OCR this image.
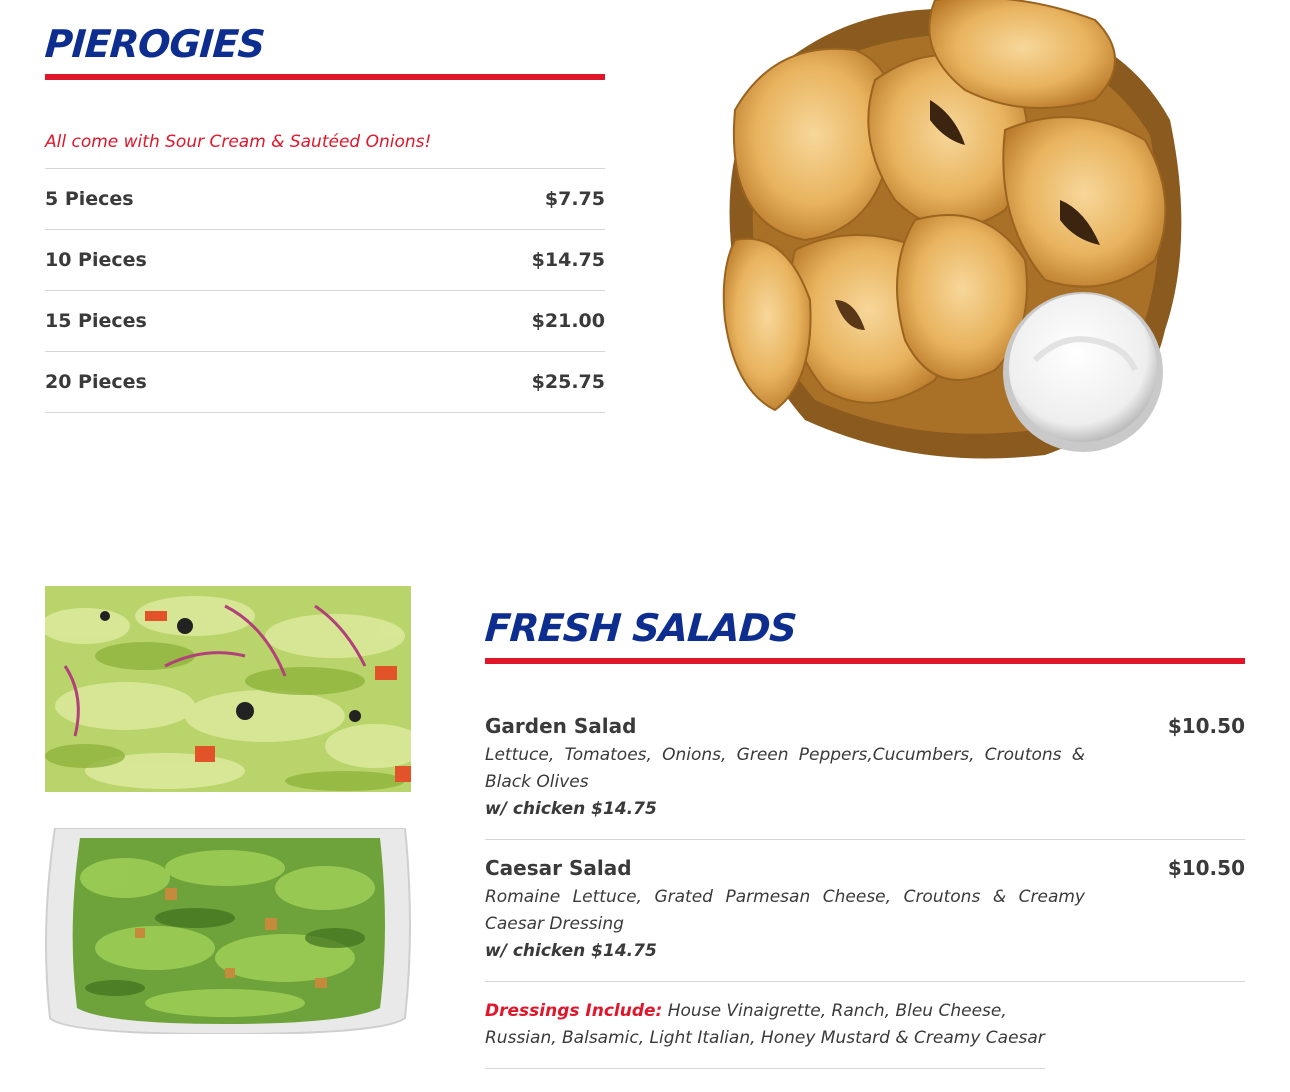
PIEROGIES

All come with Sour Cream & Sautéed Onions!

5 Pieces	$7.75
10 Pieces	$14.75
15 Pieces	$21.00
20 Pieces	$25.75
FRESH SALADS
Garden Salad	$10.50

Lettuce, Tomatoes, Onions, Green Peppers,Cucumbers, Croutons & Black Olives

w/ chicken $14.75

Caesar Salad	$10.50

Romaine Lettuce, Grated Parmesan Cheese, Croutons & Creamy Caesar Dressing

w/ chicken $14.75

Dressings Include: House Vinaigrette, Ranch, Bleu Cheese, Russian, Balsamic, Light Italian, Honey Mustard & Creamy Caesar
